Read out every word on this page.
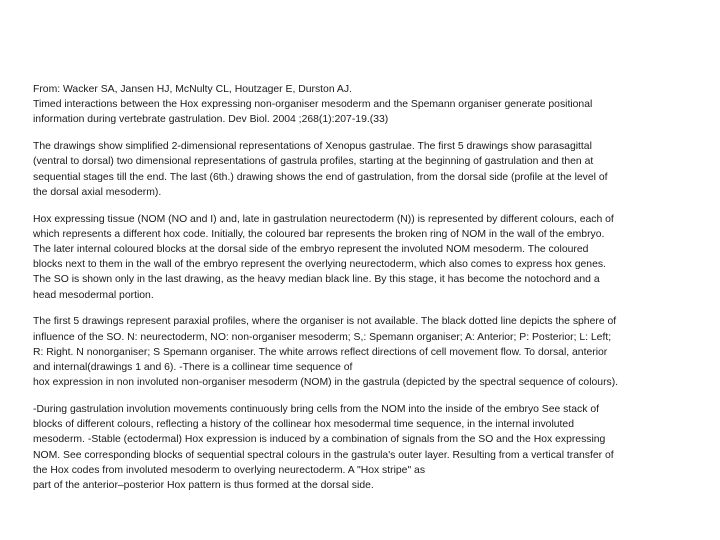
From: Wacker SA, Jansen HJ, McNulty CL, Houtzager E, Durston AJ.
Timed interactions between the Hox expressing non-organiser mesoderm and the Spemann organiser generate positional
information during vertebrate gastrulation. Dev Biol. 2004 ;268(1):207-19.(33)
The drawings show simplified 2-dimensional representations of Xenopus gastrulae. The first 5 drawings show parasagittal
(ventral to dorsal) two dimensional representations of gastrula profiles, starting at the beginning of gastrulation and then at
sequential stages till the end. The last (6th.) drawing shows the end of gastrulation, from the dorsal side (profile at the level of
the dorsal axial mesoderm).
Hox expressing tissue (NOM (NO and I) and, late in gastrulation neurectoderm (N)) is represented by different colours, each of
which represents a different hox code. Initially, the coloured bar represents the broken ring of NOM in the wall of the embryo.
The later internal coloured blocks at the dorsal side of the embryo represent the involuted NOM mesoderm. The coloured
blocks next to them in the wall of the embryo represent the overlying neurectoderm, which also comes to express hox genes.
The SO is shown only in the last drawing, as the heavy median black line. By this stage, it has become the notochord and a
head mesodermal portion.
The first 5 drawings represent paraxial profiles, where the organiser is not available. The black dotted line depicts the sphere of
influence of the SO. N: neurectoderm, NO: non-organiser mesoderm; S,: Spemann organiser; A: Anterior; P: Posterior; L: Left;
R: Right. N nonorganiser; S Spemann organiser. The white arrows reflect directions of cell movement flow. To dorsal, anterior
and internal(drawings 1 and 6). -There is a collinear time sequence of
hox expression in non involuted non-organiser mesoderm (NOM) in the gastrula (depicted by the spectral sequence of colours).
-During gastrulation involution movements continuously bring cells from the NOM into the inside of the embryo See stack of
blocks of different colours, reflecting a history of the collinear hox mesodermal time sequence, in the internal involuted
mesoderm. -Stable (ectodermal) Hox expression is induced by a combination of signals from the SO and the Hox expressing
NOM. See corresponding blocks of sequential spectral colours in the gastrula's outer layer. Resulting from a vertical transfer of
the Hox codes from involuted mesoderm to overlying neurectoderm. A "Hox stripe" as
part of the anterior–posterior Hox pattern is thus formed at the dorsal side.
